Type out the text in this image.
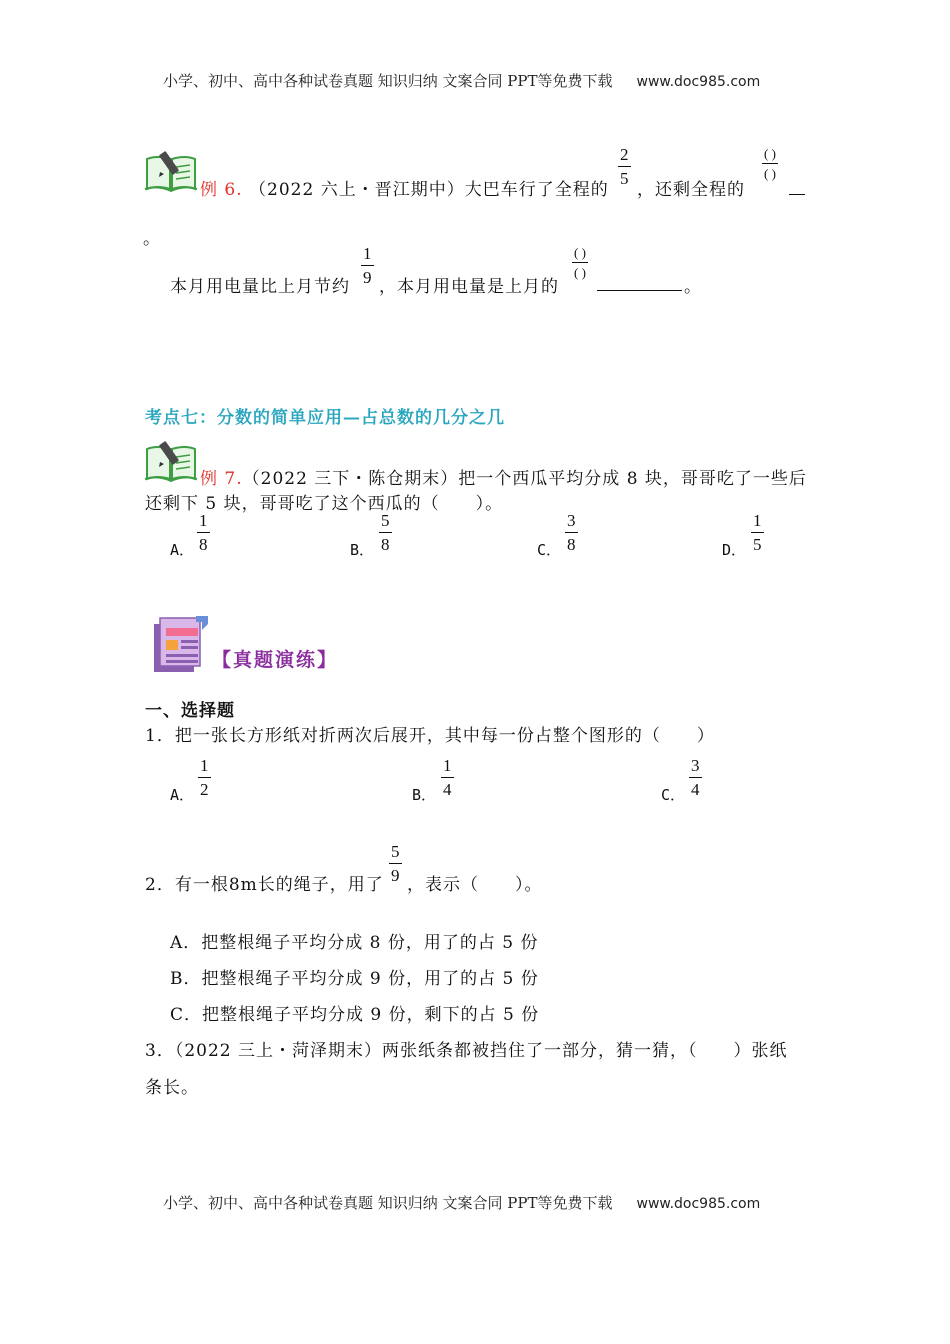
小学、初中、高中各种试卷真题 知识归纳 文案合同 PPT等免费下载 www.doc985.com
例 6. （2022 六上・晋江期中）大巴车行了全程的
2
5
，还剩全程的
( )
( )
。
本月用电量比上月节约
1
9 ，本月用电量是上月的
( )
( )
。
考点七：分数的简单应用—占总数的几分之几
例 7.（2022 三下・陈仓期末）把一个西瓜平均分成 8 块，哥哥吃了一些后
还剩下 5 块，哥哥吃了这个西瓜的（　　）。
A．
1
8	B．
5
8	C．
3
8	D．
1
5
【真题演练】
一、选择题
1．把一张长方形纸对折两次后展开，其中每一份占整个图形的（　　）
A．
1
2	B．
1
4	C．
3
4
2．有一根8m长的绳子，用了
5
9 ，表示（　　）。
A．把整根绳子平均分成 8 份，用了的占 5 份
B．把整根绳子平均分成 9 份，用了的占 5 份
C．把整根绳子平均分成 9 份，剩下的占 5 份
3．（2022 三上・菏泽期末）两张纸条都被挡住了一部分，猜一猜，（　　）张纸
条长。
小学、初中、高中各种试卷真题 知识归纳 文案合同 PPT等免费下载 www.doc985.com
